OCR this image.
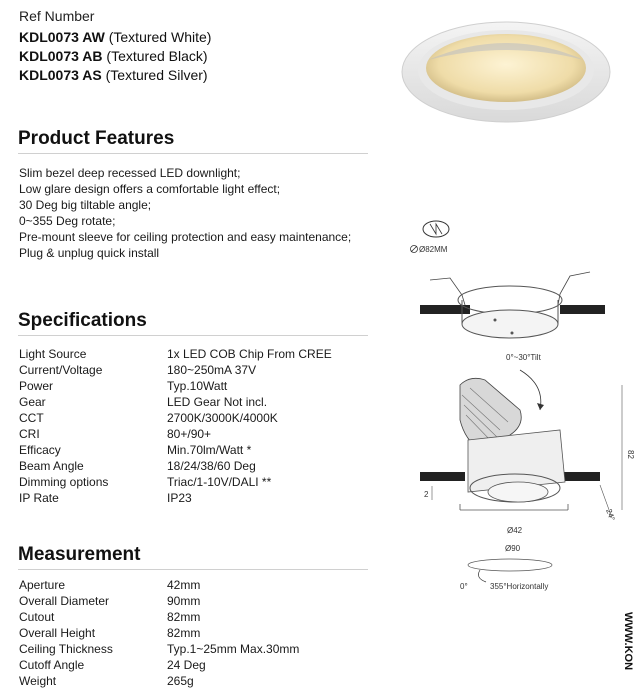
Ref Number
KDL0073 AW (Textured White)
KDL0073 AB (Textured Black)
KDL0073 AS (Textured Silver)
Product Features
Slim bezel deep recessed LED downlight;
Low glare design offers a comfortable light effect;
30 Deg big tiltable angle;
0~355 Deg rotate;
Pre-mount sleeve for ceiling protection and easy maintenance;
Plug & unplug quick install
Specifications
Light Source	1x LED COB Chip From CREE
Current/Voltage	180~250mA 37V
Power	Typ.10Watt
Gear	LED Gear Not incl.
CCT	2700K/3000K/4000K
CRI	80+/90+
Efficacy	Min.70lm/Watt *
Beam Angle	18/24/38/60 Deg
Dimming options	Triac/1-10V/DALI **
IP Rate	IP23
Measurement
Aperture	42mm
Overall Diameter	90mm
Cutout	82mm
Overall Height	82mm
Ceiling Thickness	Typ.1~25mm Max.30mm
Cutoff Angle	24 Deg
Weight	265g
Ø82MM
0°~30°Tilt
82
2
24°
Ø42
Ø90
0°	355°Horizontally
WWW.KON
